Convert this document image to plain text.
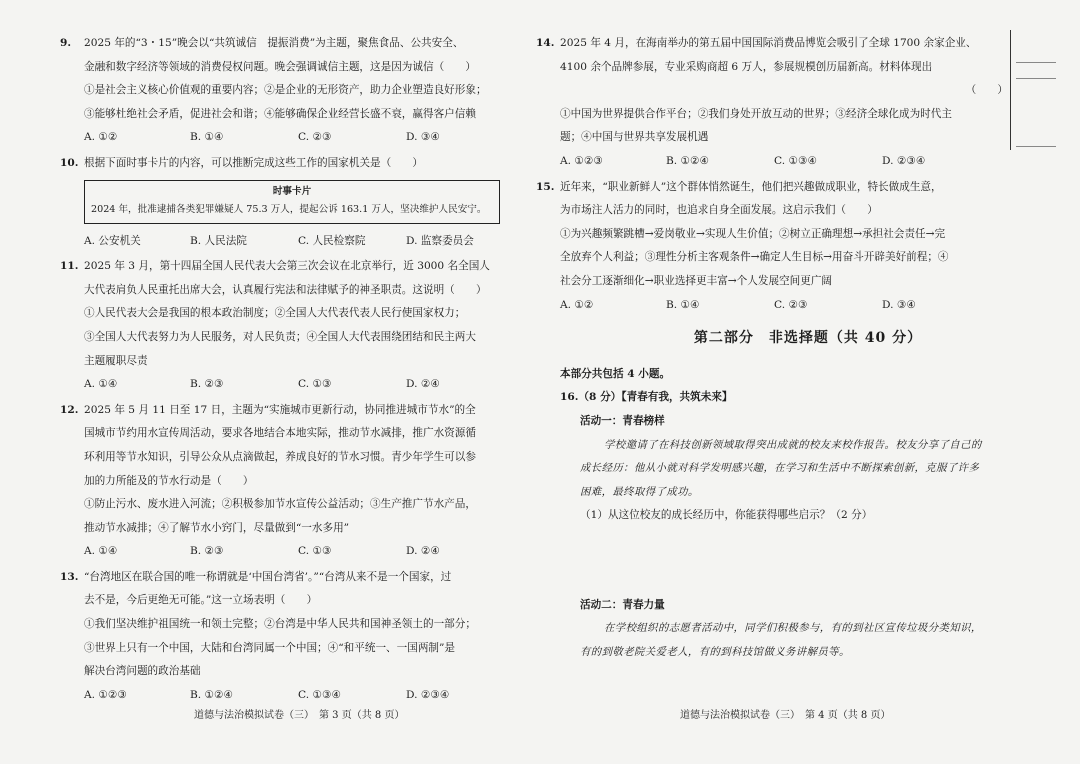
9. 2025 年的“3・15”晚会以“共筑诚信　提振消费”为主题，聚焦食品、公共安全、
金融和数字经济等领域的消费侵权问题。晚会强调诚信主题，这是因为诚信（　　）
①是社会主义核心价值观的重要内容；②是企业的无形资产，助力企业塑造良好形象；
③能够杜绝社会矛盾，促进社会和谐；④能够确保企业经营长盛不衰，赢得客户信赖
A. ①②	B. ①④	C. ②③	D. ③④
10. 根据下面时事卡片的内容，可以推断完成这些工作的国家机关是（　　）
时事卡片
2024 年，批准逮捕各类犯罪嫌疑人 75.3 万人，提起公诉 163.1 万人，坚决维护人民安宁。
A. 公安机关	B. 人民法院	C. 人民检察院	D. 监察委员会
11. 2025 年 3 月，第十四届全国人民代表大会第三次会议在北京举行，近 3000 名全国人
大代表肩负人民重托出席大会，认真履行宪法和法律赋予的神圣职责。这说明（　　）
①人民代表大会是我国的根本政治制度；②全国人大代表代表人民行使国家权力；
③全国人大代表努力为人民服务，对人民负责；④全国人大代表围绕团结和民主两大
主题履职尽责
A. ①④	B. ②③	C. ①③	D. ②④
12. 2025 年 5 月 11 日至 17 日，主题为“实施城市更新行动，协同推进城市节水”的全
国城市节约用水宣传周活动，要求各地结合本地实际，推动节水减排，推广水资源循
环利用等节水知识，引导公众从点滴做起，养成良好的节水习惯。青少年学生可以参
加的力所能及的节水行动是（　　）
①防止污水、废水进入河流；②积极参加节水宣传公益活动；③生产推广节水产品，
推动节水减排；④了解节水小窍门，尽量做到“一水多用”
A. ①④	B. ②③	C. ①③	D. ②④
13. “台湾地区在联合国的唯一称谓就是‘中国台湾省’。”“台湾从来不是一个国家，过
去不是，今后更绝无可能。”这一立场表明（　　）
①我们坚决维护祖国统一和领土完整；②台湾是中华人民共和国神圣领土的一部分；
③世界上只有一个中国，大陆和台湾同属一个中国；④“和平统一、一国两制”是
解决台湾问题的政治基础
A. ①②③	B. ①②④	C. ①③④	D. ②③④
道德与法治模拟试卷（三）　第 3 页（共 8 页）
14. 2025 年 4 月，在海南举办的第五届中国国际消费品博览会吸引了全球 1700 余家企业、
4100 余个品牌参展，专业采购商超 6 万人，参展规模创历届新高。材料体现出
（　　）
①中国为世界提供合作平台；②我们身处开放互动的世界；③经济全球化成为时代主
题；④中国与世界共享发展机遇
A. ①②③	B. ①②④	C. ①③④	D. ②③④
15. 近年来，“职业新鲜人”这个群体悄然诞生，他们把兴趣做成职业，特长做成生意，
为市场注人活力的同时，也追求自身全面发展。这启示我们（　　）
①为兴趣频繁跳槽→爱岗敬业→实现人生价值；②树立正确理想→承担社会责任→完
全放弃个人利益；③理性分析主客观条件→确定人生目标→用奋斗开辟美好前程；④
社会分工逐渐细化→职业选择更丰富→个人发展空间更广阔
A. ①②	B. ①④	C. ②③	D. ③④
第二部分　非选择题（共 40 分）
本部分共包括 4 小题。
16.（8 分）【青春有我，共筑未来】
活动一：青春榜样
学校邀请了在科技创新领域取得突出成就的校友来校作报告。校友分享了自己的
成长经历：他从小就对科学发明感兴趣，在学习和生活中不断探索创新，克服了许多
困难，最终取得了成功。
（1）从这位校友的成长经历中，你能获得哪些启示？（2 分）
活动二：青春力量
在学校组织的志愿者活动中，同学们积极参与，有的到社区宣传垃圾分类知识，
有的到敬老院关爱老人，有的到科技馆做义务讲解员等。
道德与法治模拟试卷（三）　第 4 页（共 8 页）
